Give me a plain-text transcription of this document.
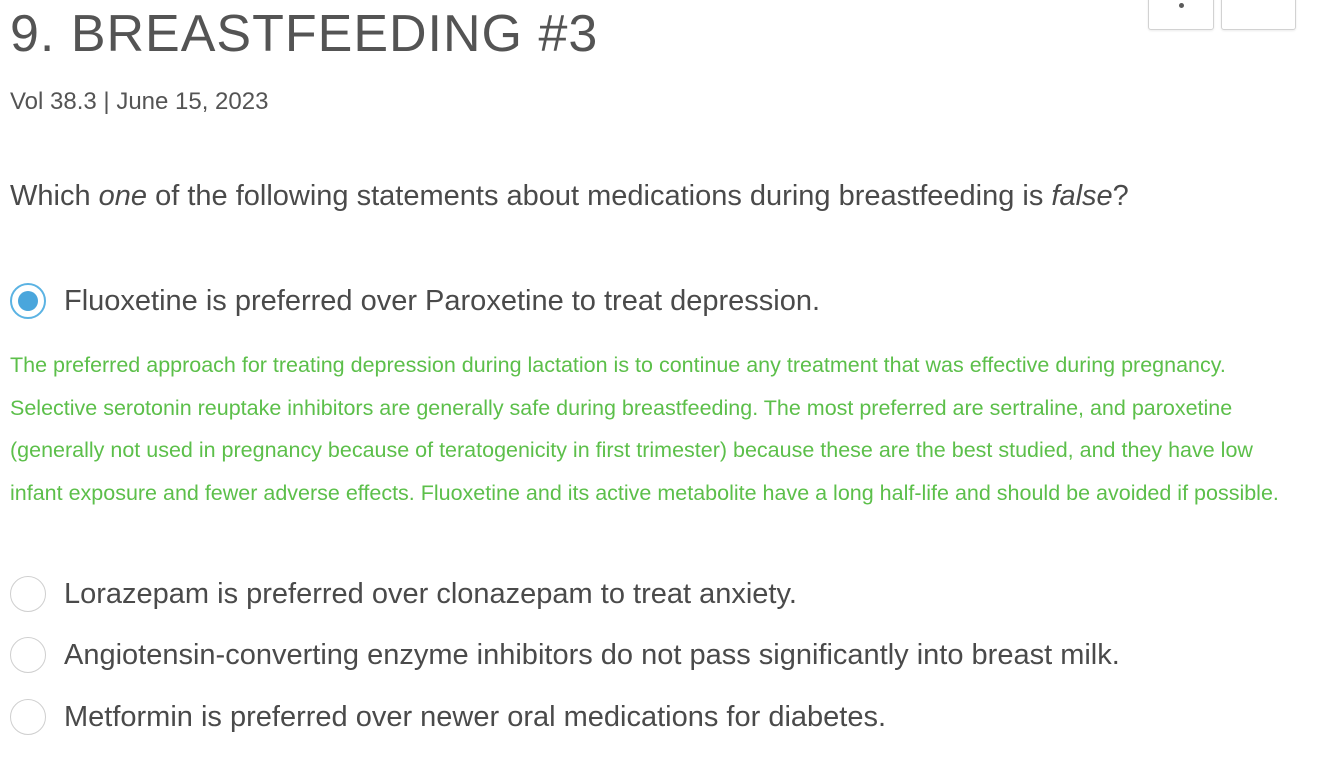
9. BREASTFEEDING #3
Vol 38.3 | June 15, 2023
Which one of the following statements about medications during breastfeeding is false?
Fluoxetine is preferred over Paroxetine to treat depression.

The preferred approach for treating depression during lactation is to continue any treatment that was effective during pregnancy. Selective serotonin reuptake inhibitors are generally safe during breastfeeding. The most preferred are sertraline, and paroxetine (generally not used in pregnancy because of teratogenicity in first trimester) because these are the best studied, and they have low infant exposure and fewer adverse effects. Fluoxetine and its active metabolite have a long half-life and should be avoided if possible.

Lorazepam is preferred over clonazepam to treat anxiety.
Angiotensin-converting enzyme inhibitors do not pass significantly into breast milk.
Metformin is preferred over newer oral medications for diabetes.
